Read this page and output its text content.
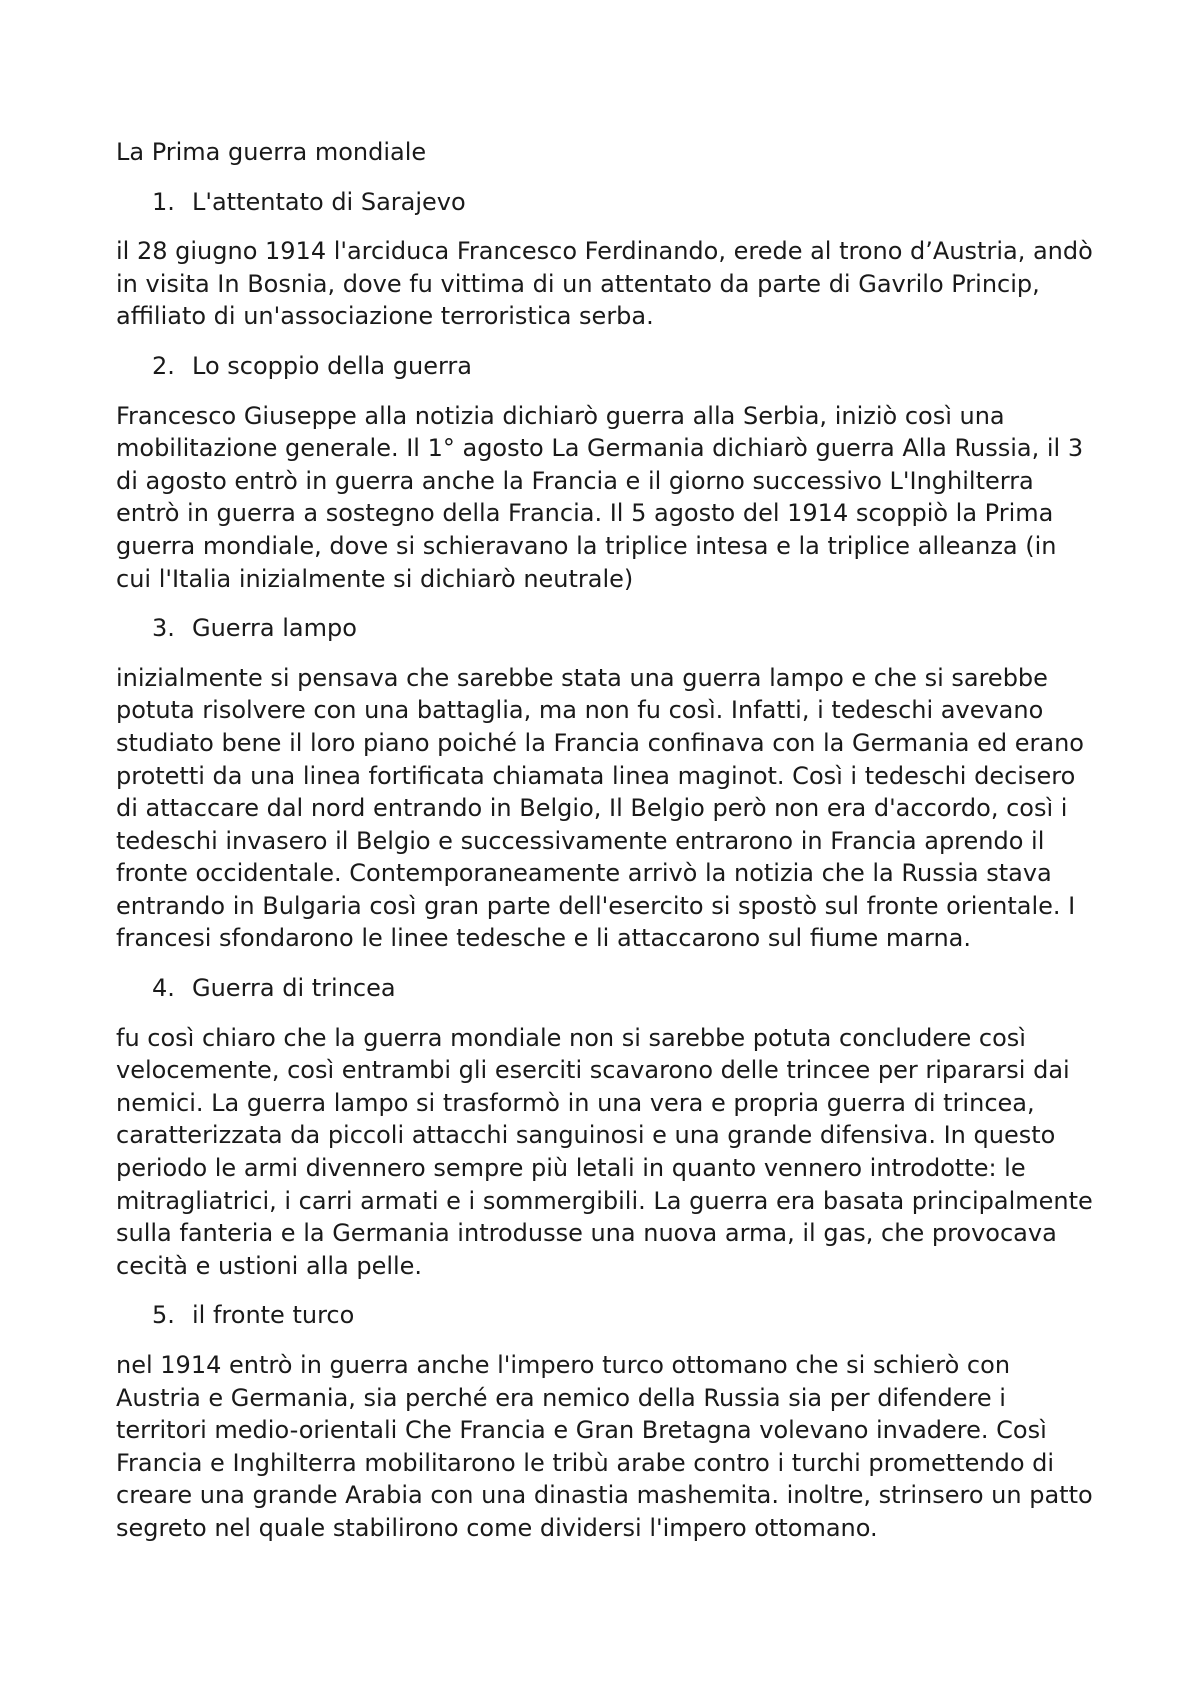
La Prima guerra mondiale
1. L'attentato di Sarajevo
il 28 giugno 1914 l'arciduca Francesco Ferdinando, erede al trono d’Austria, andò in visita In Bosnia, dove fu vittima di un attentato da parte di Gavrilo Princip, affiliato di un'associazione terroristica serba.
2. Lo scoppio della guerra
Francesco Giuseppe alla notizia dichiarò guerra alla Serbia, iniziò così una mobilitazione generale. Il 1° agosto La Germania dichiarò guerra Alla Russia, il 3 di agosto entrò in guerra anche la Francia e il giorno successivo L'Inghilterra entrò in guerra a sostegno della Francia. Il 5 agosto del 1914 scoppiò la Prima guerra mondiale, dove si schieravano la triplice intesa e la triplice alleanza (in cui l'Italia inizialmente si dichiarò neutrale)
3. Guerra lampo
inizialmente si pensava che sarebbe stata una guerra lampo e che si sarebbe potuta risolvere con una battaglia, ma non fu così. Infatti, i tedeschi avevano studiato bene il loro piano poiché la Francia confinava con la Germania ed erano protetti da una linea fortificata chiamata linea maginot. Così i tedeschi decisero di attaccare dal nord entrando in Belgio, Il Belgio però non era d'accordo, così i tedeschi invasero il Belgio e successivamente entrarono in Francia aprendo il fronte occidentale. Contemporaneamente arrivò la notizia che la Russia stava entrando in Bulgaria così gran parte dell'esercito si spostò sul fronte orientale. I francesi sfondarono le linee tedesche e li attaccarono sul fiume marna.
4. Guerra di trincea
fu così chiaro che la guerra mondiale non si sarebbe potuta concludere così velocemente, così entrambi gli eserciti scavarono delle trincee per ripararsi dai nemici. La guerra lampo si trasformò in una vera e propria guerra di trincea, caratterizzata da piccoli attacchi sanguinosi e una grande difensiva. In questo periodo le armi divennero sempre più letali in quanto vennero introdotte: le mitragliatrici, i carri armati e i sommergibili. La guerra era basata principalmente sulla fanteria e la Germania introdusse una nuova arma, il gas, che provocava cecità e ustioni alla pelle.
5. il fronte turco
nel 1914 entrò in guerra anche l'impero turco ottomano che si schierò con Austria e Germania, sia perché era nemico della Russia sia per difendere i territori medio-orientali Che Francia e Gran Bretagna volevano invadere. Così Francia e Inghilterra mobilitarono le tribù arabe contro i turchi promettendo di creare una grande Arabia con una dinastia mashemita. inoltre, strinsero un patto segreto nel quale stabilirono come dividersi l'impero ottomano.
